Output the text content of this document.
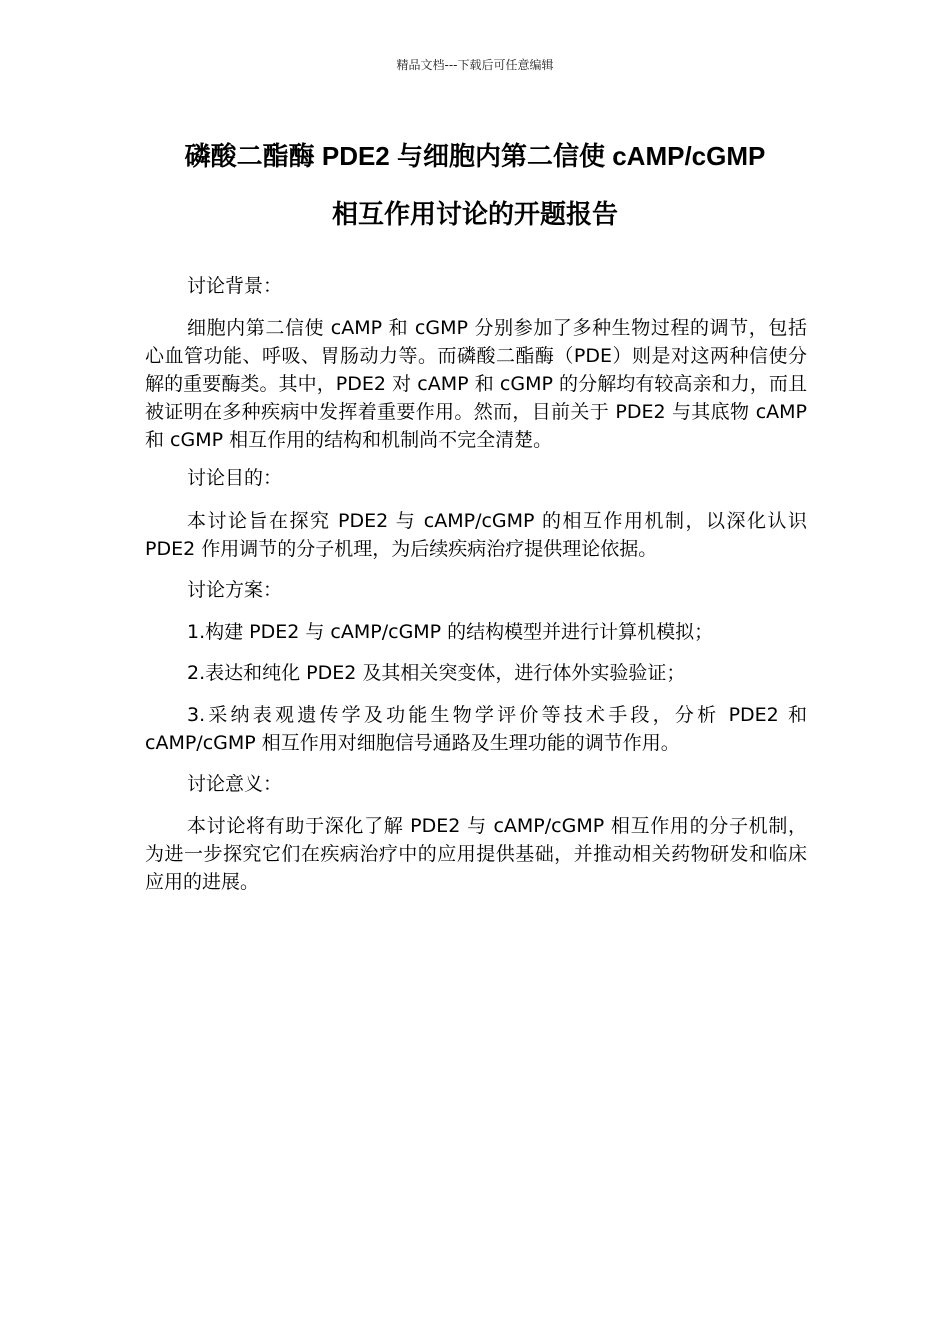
精品文档---下载后可任意编辑
磷酸二酯酶 PDE2 与细胞内第二信使 cAMP/cGMP
相互作用讨论的开题报告

讨论背景：

细胞内第二信使 cAMP 和 cGMP 分别参加了多种生物过程的调节，包括心血管功能、呼吸、胃肠动力等。而磷酸二酯酶（PDE）则是对这两种信使分解的重要酶类。其中，PDE2 对 cAMP 和 cGMP 的分解均有较高亲和力，而且被证明在多种疾病中发挥着重要作用。然而，目前关于 PDE2 与其底物 cAMP 和 cGMP 相互作用的结构和机制尚不完全清楚。

讨论目的：

本讨论旨在探究 PDE2 与 cAMP/cGMP 的相互作用机制，以深化认识 PDE2 作用调节的分子机理，为后续疾病治疗提供理论依据。

讨论方案：

1.构建 PDE2 与 cAMP/cGMP 的结构模型并进行计算机模拟；

2.表达和纯化 PDE2 及其相关突变体，进行体外实验验证；

3.采纳表观遗传学及功能生物学评价等技术手段，分析 PDE2 和 cAMP/cGMP 相互作用对细胞信号通路及生理功能的调节作用。

讨论意义：

本讨论将有助于深化了解 PDE2 与 cAMP/cGMP 相互作用的分子机制，为进一步探究它们在疾病治疗中的应用提供基础，并推动相关药物研发和临床应用的进展。
